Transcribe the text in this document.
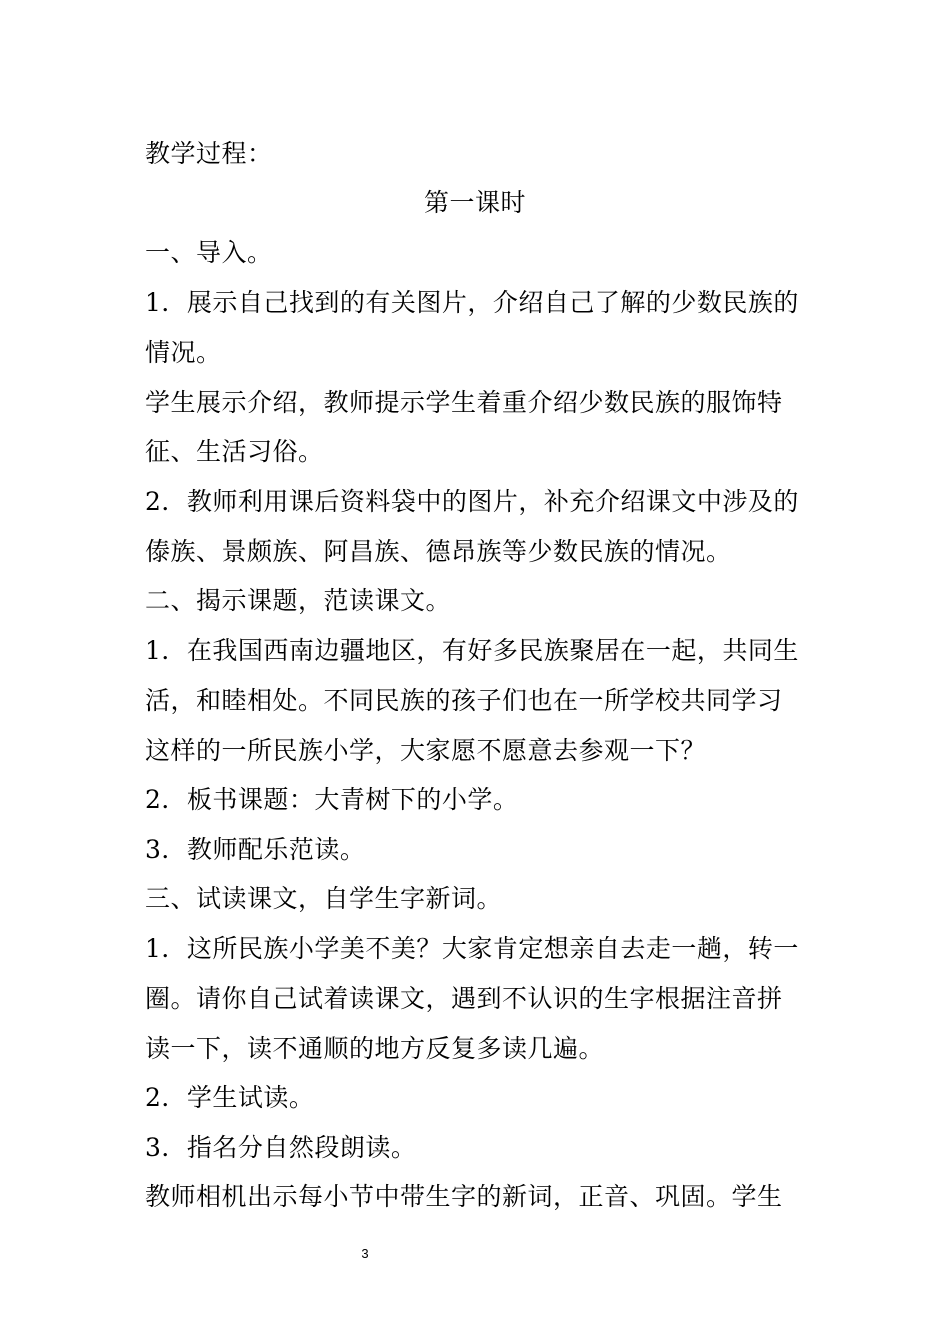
教学过程：
第一课时
一、导入。
1．展示自己找到的有关图片，介绍自己了解的少数民族的
情况。
学生展示介绍，教师提示学生着重介绍少数民族的服饰特
征、生活习俗。
2．教师利用课后资料袋中的图片，补充介绍课文中涉及的
傣族、景颇族、阿昌族、德昂族等少数民族的情况。
二、揭示课题，范读课文。
1．在我国西南边疆地区，有好多民族聚居在一起，共同生
活，和睦相处。不同民族的孩子们也在一所学校共同学习
这样的一所民族小学，大家愿不愿意去参观一下？
2．板书课题：大青树下的小学。
3．教师配乐范读。
三、试读课文，自学生字新词。
1．这所民族小学美不美？大家肯定想亲自去走一趟，转一
圈。请你自己试着读课文，遇到不认识的生字根据注音拼
读一下，读不通顺的地方反复多读几遍。
2．学生试读。
3．指名分自然段朗读。
教师相机出示每小节中带生字的新词，正音、巩固。学生
3
